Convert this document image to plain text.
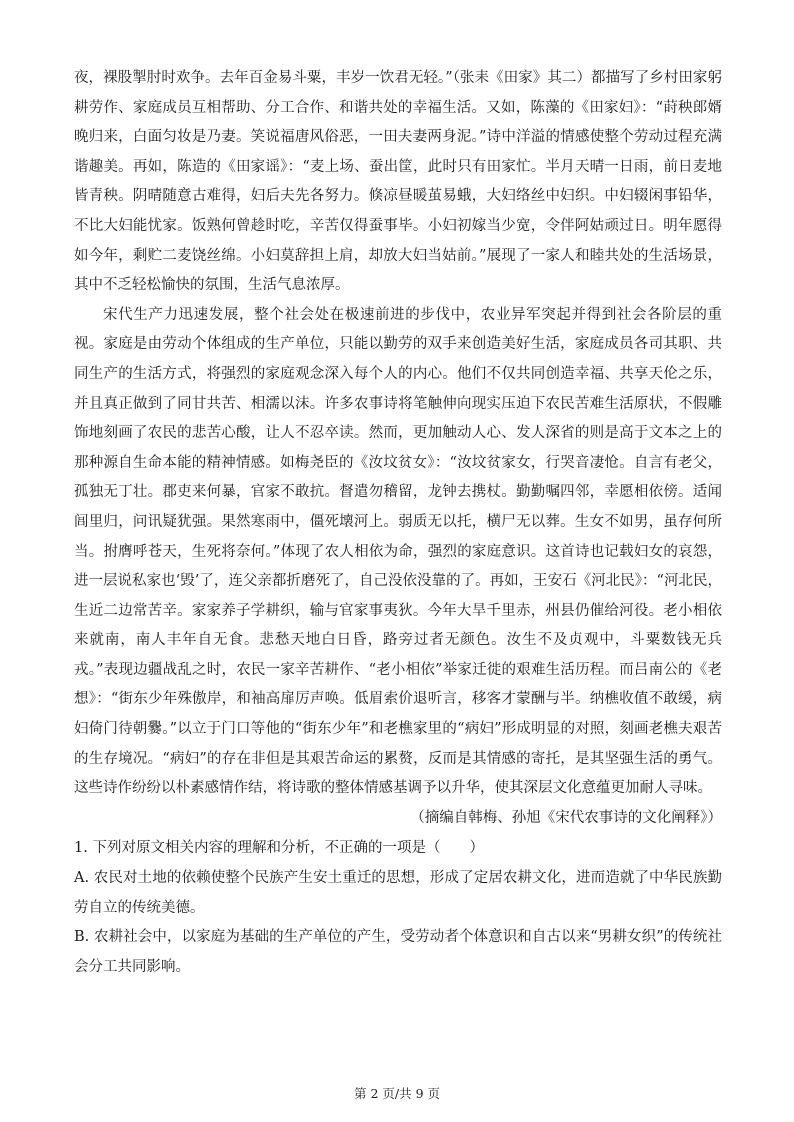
夜，裸股掣肘时欢争。去年百金易斗粟，丰岁一饮君无轻。”（张耒《田家》其二）都描写了乡村田家躬耕劳作、家庭成员互相帮助、分工合作、和谐共处的幸福生活。又如，陈藻的《田家妇》：“莳秧郎婿晚归来，白面匀妆是乃妻。笑说福唐风俗恶，一田夫妻两身泥。”诗中洋溢的情感使整个劳动过程充满谐趣美。再如，陈造的《田家谣》：“麦上场、蚕出筐，此时只有田家忙。半月天晴一日雨，前日麦地皆青秧。阴晴随意古难得，妇后夫先各努力。倏凉昼暖茧易蛾，大妇络丝中妇织。中妇辍闲事铅华，不比大妇能忧家。饭熟何曾趁时吃，辛苦仅得蚕事毕。小妇初嫁当少宽，令伴阿姑顽过日。明年愿得如今年，剩贮二麦饶丝绵。小妇莫辞担上肩，却放大妇当姑前。”展现了一家人和睦共处的生活场景，其中不乏轻松愉快的氛围，生活气息浓厚。

宋代生产力迅速发展，整个社会处在极速前进的步伐中，农业异军突起并得到社会各阶层的重视。家庭是由劳动个体组成的生产单位，只能以勤劳的双手来创造美好生活，家庭成员各司其职、共同生产的生活方式，将强烈的家庭观念深入每个人的内心。他们不仅共同创造幸福、共享天伦之乐，并且真正做到了同甘共苦、相濡以沫。许多农事诗将笔触伸向现实压迫下农民苦难生活原状，不假雕饰地刻画了农民的悲苦心酸，让人不忍卒读。然而，更加触动人心、发人深省的则是高于文本之上的那种源自生命本能的精神情感。如梅尧臣的《汝坟贫女》：“汝坟贫家女，行哭音凄怆。自言有老父，孤独无丁壮。郡吏来何暴，官家不敢抗。督遣勿稽留，龙钟去携杖。勤勤嘱四邻，幸愿相依傍。适闻闾里归，问讯疑犹强。果然寒雨中，僵死壊河上。弱质无以托，横尸无以葬。生女不如男，虽存何所当。拊膺呼苍天，生死将奈何。”体现了农人相依为命，强烈的家庭意识。这首诗也记载妇女的哀怨，进一层说私家也‘毁’了，连父亲都折磨死了，自己没依没靠的了。再如，王安石《河北民》：“河北民，生近二边常苦辛。家家养子学耕织，输与官家事夷狄。今年大旱千里赤，州县仍催给河役。老小相依来就南，南人丰年自无食。悲愁天地白日昏，路旁过者无颜色。汝生不及贞观中，斗粟数钱无兵戎。”表现边疆战乱之时，农民一家辛苦耕作、“老小相依”举家迁徙的艰难生活历程。而吕南公的《老想》：“街东少年殊傲岸，和袖高扉厉声唤。低眉索价退听言，移客才蒙酬与半。纳樵收值不敢缓，病妇倚门待朝爨。”以立于门口等他的“街东少年”和老樵家里的“病妇”形成明显的对照，刻画老樵夫艰苦的生存境况。“病妇”的存在非但是其艰苦命运的累赘，反而是其情感的寄托，是其坚强生活的勇气。这些诗作纷纷以朴素感情作结，将诗歌的整体情感基调予以升华，使其深层文化意蕴更加耐人寻味。

（摘编自韩梅、孙旭《宋代农事诗的文化阐释》）

1. 下列对原文相关内容的理解和分析，不正确的一项是（　　）

A. 农民对土地的依赖使整个民族产生安土重迁的思想，形成了定居农耕文化，进而造就了中华民族勤劳自立的传统美德。

B. 农耕社会中，以家庭为基础的生产单位的产生，受劳动者个体意识和自古以来“男耕女织”的传统社会分工共同影响。

第 2 页/共 9 页
